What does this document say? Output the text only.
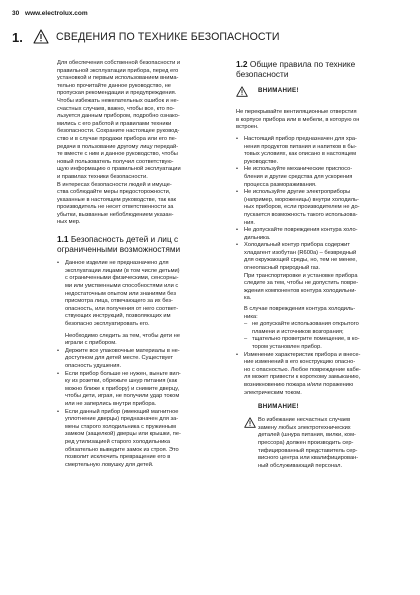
30 www.electrolux.com
1.	СВЕДЕНИЯ ПО ТЕХНИКЕ БЕЗОПАСНОСТИ

Для обеспечения собственной безопасности и
правильной эксплуатации прибора, перед его
установкой и первым использованием внима-
тельно прочитайте данное руководство, не
пропуская рекомендации и предупреждения.
Чтобы избежать нежелательных ошибок и не-
счастных случаев, важно, чтобы все, кто по-
льзуется данным прибором, подробно ознако-
мились с его работой и правилами техники
безопасности. Сохраните настоящее руковод-
ство и в случае продажи прибора или его пе-
редачи в пользование другому лицу передай-
те вместе с ним и данное руководство, чтобы
новый пользователь получил соответствую-
щую информацию о правильной эксплуатации
и правилах техники безопасности.
В интересах безопасности людей и имуще-
ства соблюдайте меры предосторожности,
указанные в настоящем руководстве, так как
производитель не несет ответственности за
убытки, вызванные небоблюдением указан-
ных мер.

1.1 Безопасность детей и лиц с
ограниченными возможностями
• Данное изделие не предназначено для
эксплуатации лицами (в том числе детьми)
с ограниченными физическими, сенсорны-
ми или умственными способностями или с
недостаточным опытом или знаниями без
присмотра лица, отвечающего за их без-
опасность, или получения от него соответ-
ствующих инструкций, позволяющих им
безопасно эксплуатировать его.

Необходимо следить за тем, чтобы дети не
играли с прибором.

• Держите все упаковочные материалы в не-
доступном для детей месте. Существует
опасность удушения.
• Если прибор больше не нужен, выньте вил-
ку из розетки, обрежьте шнур питания (как
можно ближе к прибору) и снимите дверцу,
чтобы дети, играя, не получили удар током
или не заперлись внутри прибора.
• Если данный прибор (имеющий магнитное
уплотнение дверцы) предназначен для за-
мены старого холодильника с пружинным
замком (защелкой) дверцы или крышки, пе-
ред утилизацией старого холодильника
обязательно выведите замок из строя. Это
позволит исключить превращение его в
смертельную ловушку для детей.
1.2 Общие правила по технике
безопасности
ВНИМАНИЕ!

Не перекрывайте вентиляционные отверстия
в корпусе прибора или в мебели, в которую он
встроен.

• Настоящий прибор предназначен для хра-
нения продуктов питания и напитков в бы-
товых условиях, как описано в настоящем
руководстве.
• Не используйте механические приспосо-
бления и другие средства для ускорения
процесса размораживания.
• Не используйте другие электроприборы
(например, мороженицы) внутри холодиль-
ных приборов, если производителем не до-
пускается возможность такого использова-
ния.
• Не допускайте повреждения контура холо-
дильника.
• Холодильный контур прибора содержит
хладагент изобутан (R600a) – безвредный
для окружающей среды, но, тем не менее,
огнеопасный природный газ.

При транспортировке и установке прибора
следите за тем, чтобы не допустить повре-
ждения компонентов контура холодильни-
ка.

В случае повреждения контура холодиль-
ника:

– не допускайте использования открытого
пламени и источников возгорания;
– тщательно проветрите помещение, в ко-
тором установлен прибор.
• Изменение характеристик прибора и внесе-
ние изменений в его конструкцию опасно-
но с опасностью. Любое повреждение кабе-
ля может привести к короткому замыканию,
возникновению пожара и/или поражению
электрическим током.
ВНИМАНИЕ!

Во избежание несчастных случаев
замену любых электротехнических
деталей (шнура питания, вилки, ком-
прессора) должен производить сер-
тифицированный представитель сер-
висного центра или квалифицирован-
ный обслуживающий персонал.
